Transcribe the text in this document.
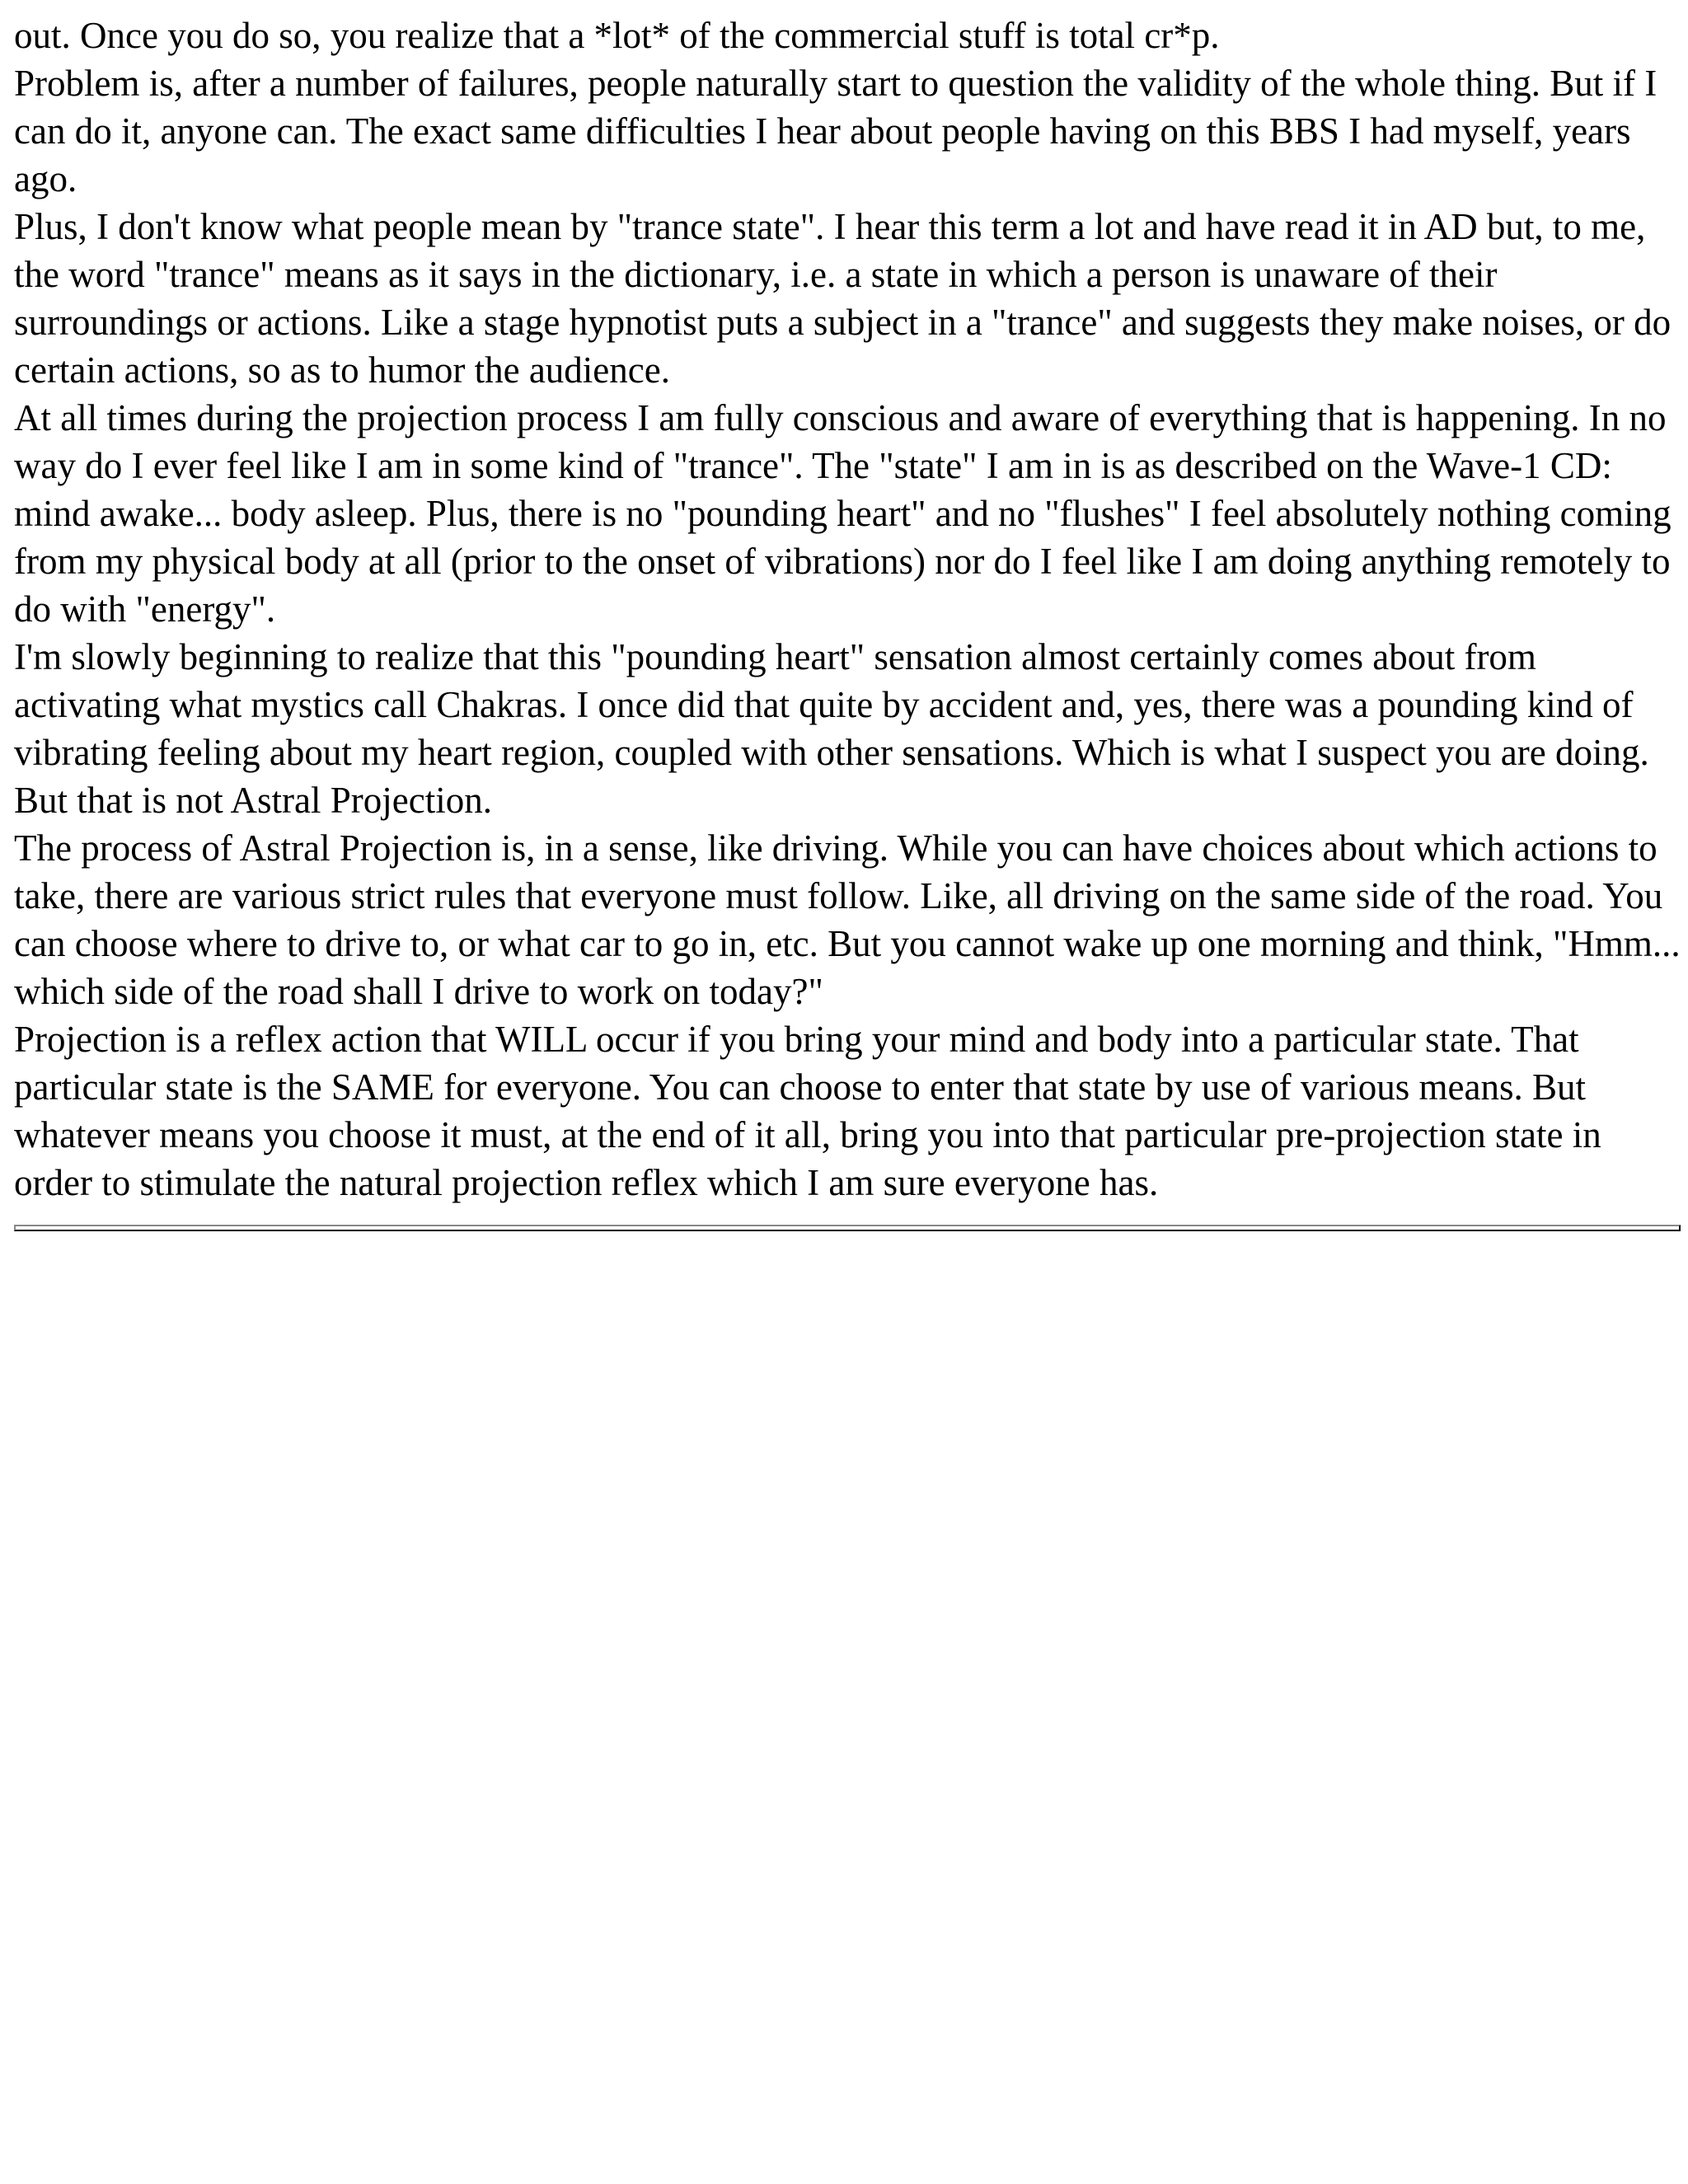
out. Once you do so, you realize that a *lot* of the commercial stuff is total cr*p.

Problem is, after a number of failures, people naturally start to question the validity of the whole thing. But if I can do it, anyone can. The exact same difficulties I hear about people having on this BBS I had myself, years ago.

Plus, I don't know what people mean by "trance state". I hear this term a lot and have read it in AD but, to me, the word "trance" means as it says in the dictionary, i.e. a state in which a person is unaware of their surroundings or actions. Like a stage hypnotist puts a subject in a "trance" and suggests they make noises, or do certain actions, so as to humor the audience.

At all times during the projection process I am fully conscious and aware of everything that is happening. In no way do I ever feel like I am in some kind of "trance". The "state" I am in is as described on the Wave-1 CD: mind awake... body asleep. Plus, there is no "pounding heart" and no "flushes" I feel absolutely nothing coming from my physical body at all (prior to the onset of vibrations) nor do I feel like I am doing anything remotely to do with "energy".

I'm slowly beginning to realize that this "pounding heart" sensation almost certainly comes about from activating what mystics call Chakras. I once did that quite by accident and, yes, there was a pounding kind of vibrating feeling about my heart region, coupled with other sensations. Which is what I suspect you are doing. But that is not Astral Projection.

The process of Astral Projection is, in a sense, like driving. While you can have choices about which actions to take, there are various strict rules that everyone must follow. Like, all driving on the same side of the road. You can choose where to drive to, or what car to go in, etc. But you cannot wake up one morning and think, "Hmm... which side of the road shall I drive to work on today?"

Projection is a reflex action that WILL occur if you bring your mind and body into a particular state. That particular state is the SAME for everyone. You can choose to enter that state by use of various means. But whatever means you choose it must, at the end of it all, bring you into that particular pre-projection state in order to stimulate the natural projection reflex which I am sure everyone has.
